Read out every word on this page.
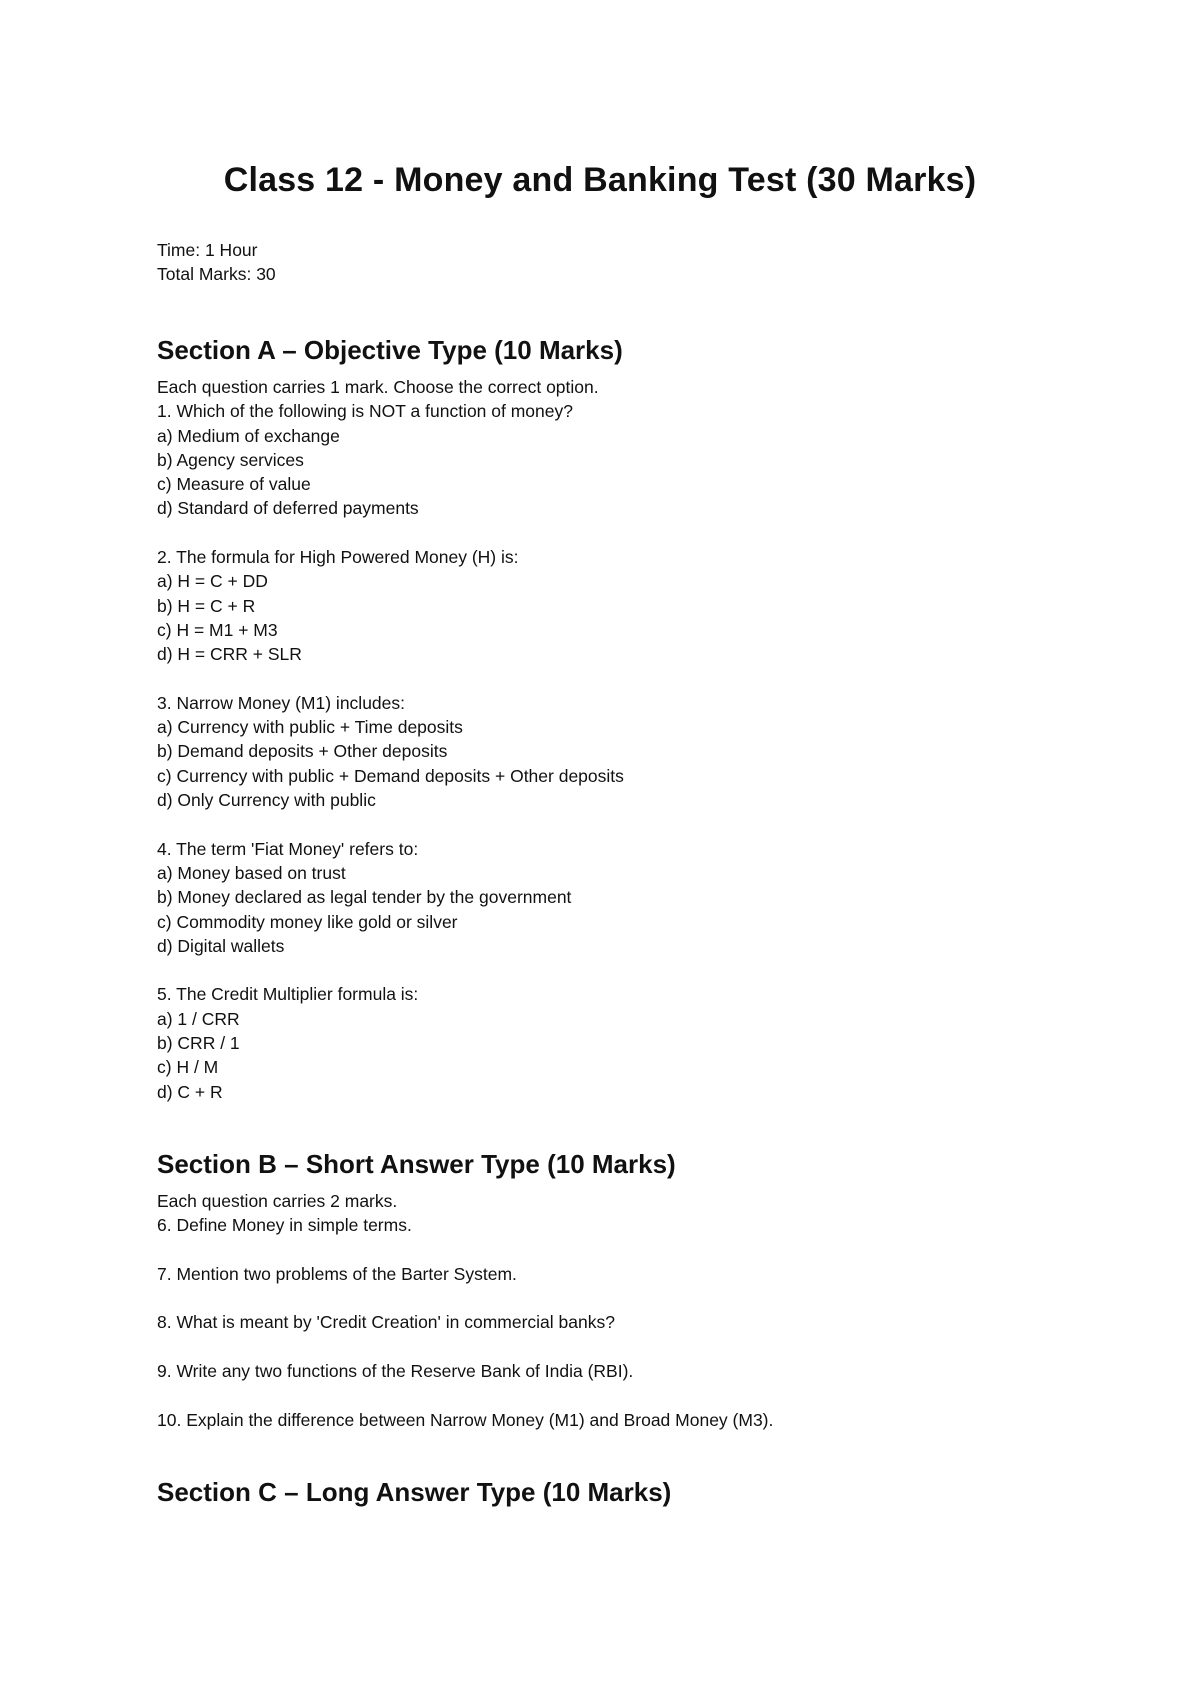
Class 12 - Money and Banking Test (30 Marks)

Time: 1 Hour

Total Marks: 30

Section A – Objective Type (10 Marks)

Each question carries 1 mark. Choose the correct option.

1. Which of the following is NOT a function of money?

a) Medium of exchange

b) Agency services

c) Measure of value

d) Standard of deferred payments

2. The formula for High Powered Money (H) is:

a) H = C + DD

b) H = C + R

c) H = M1 + M3

d) H = CRR + SLR

3. Narrow Money (M1) includes:

a) Currency with public + Time deposits

b) Demand deposits + Other deposits

c) Currency with public + Demand deposits + Other deposits

d) Only Currency with public

4. The term 'Fiat Money' refers to:

a) Money based on trust

b) Money declared as legal tender by the government

c) Commodity money like gold or silver

d) Digital wallets

5. The Credit Multiplier formula is:

a) 1 / CRR

b) CRR / 1

c) H / M

d) C + R

Section B – Short Answer Type (10 Marks)

Each question carries 2 marks.

6. Define Money in simple terms.

7. Mention two problems of the Barter System.

8. What is meant by 'Credit Creation' in commercial banks?

9. Write any two functions of the Reserve Bank of India (RBI).

10. Explain the difference between Narrow Money (M1) and Broad Money (M3).

Section C – Long Answer Type (10 Marks)
